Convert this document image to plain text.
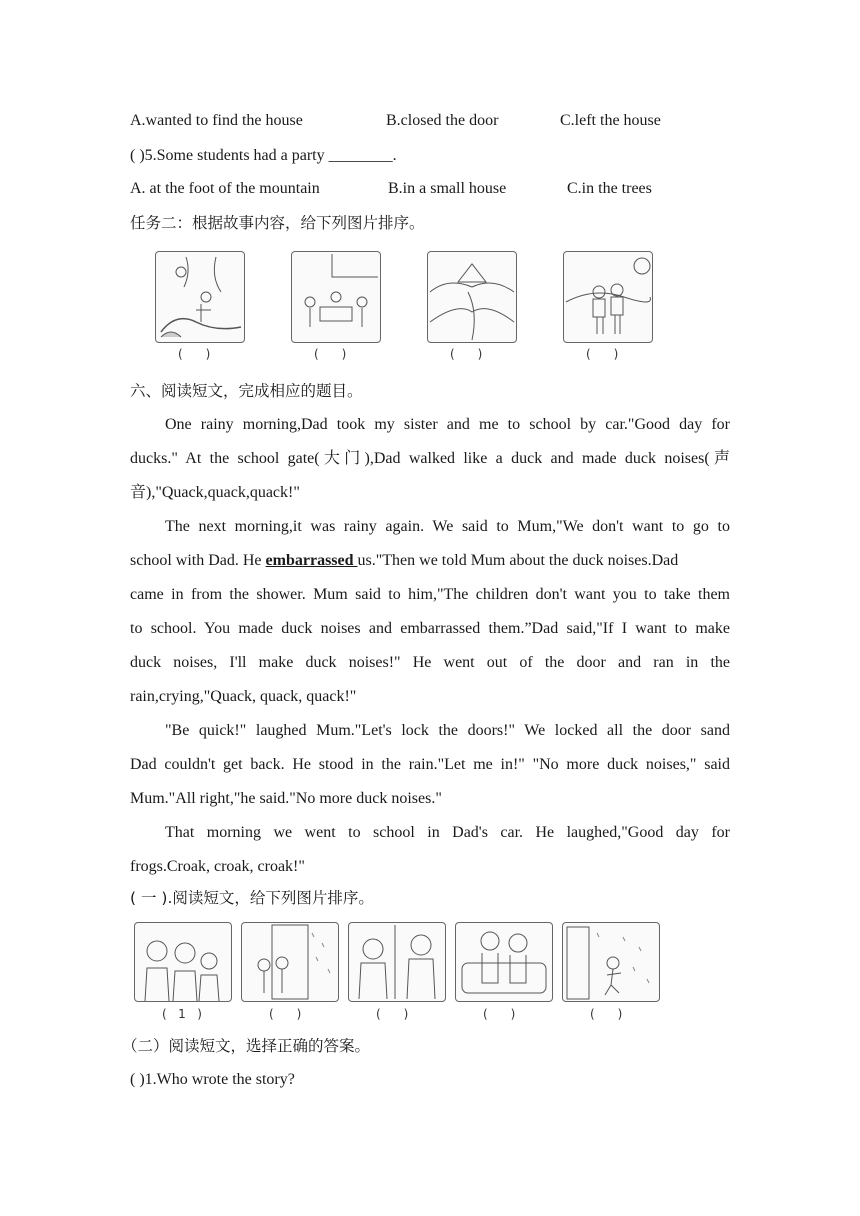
A.wanted to find the house	B.closed the door	C.left the house
( )5.Some students had a party ________.
A. at the foot of the mountain	B.in a small house	C.in the trees
任务二：根据故事内容，给下列图片排序。
(      )	(      )	(      )	(      )
六、阅读短文，完成相应的题目。
One rainy morning,Dad took my sister and me to school by car."Good day for
ducks." At the school gate(大门),Dad walked like a duck and made duck noises(声
音),"Quack,quack,quack!"
The next morning,it was rainy again. We said to Mum,"We don't want to go to
school with Dad. He embarrassed us."Then we told Mum about the duck noises.Dad
came in from the shower. Mum said to him,"The children don't want you to take them
to school. You made duck noises and embarrassed them.”Dad said,"If I want to make
duck noises, I'll make duck noises!" He went out of the door and ran in the
rain,crying,"Quack, quack, quack!"
"Be quick!" laughed Mum."Let's lock the doors!" We locked all the door sand
Dad couldn't get back. He stood in the rain."Let me in!" "No more duck noises," said
Mum."All right,"he said."No more duck noises."
That morning we went to school in Dad's car. He laughed,"Good day for
frogs.Croak, croak, croak!"
( 一 ).阅读短文，给下列图片排序。
(   1   )	(      )	(      )	(      )	(      )
（二）阅读短文，选择正确的答案。
( )1.Who wrote the story?
